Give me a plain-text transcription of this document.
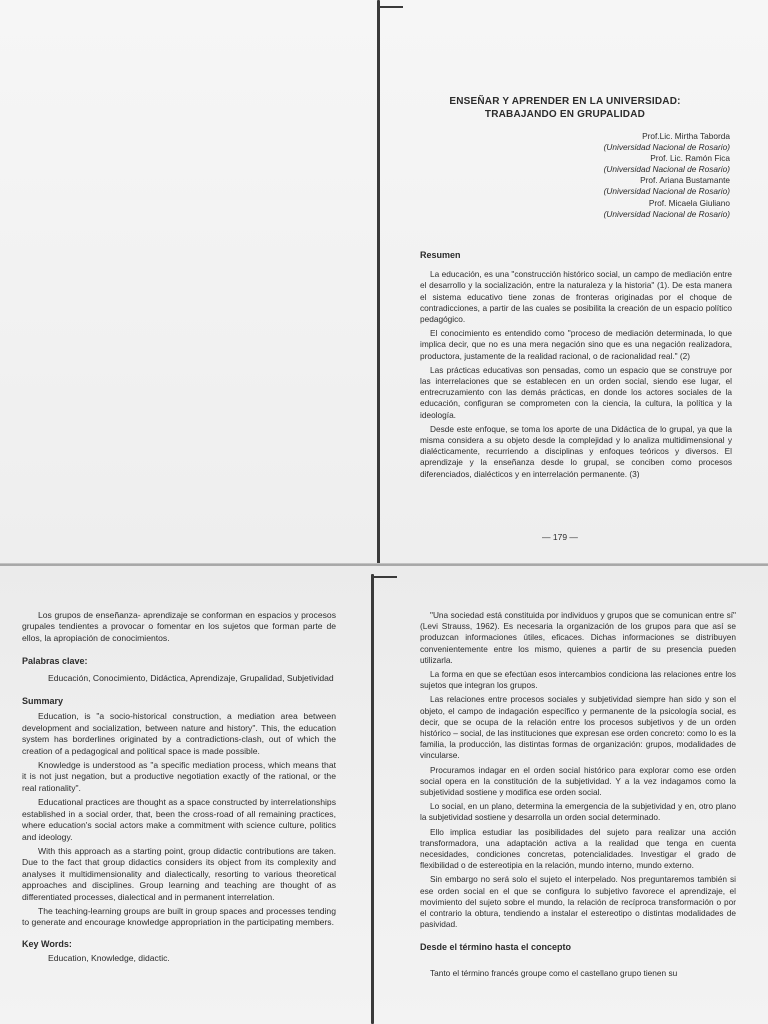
ENSEÑAR Y APRENDER EN LA UNIVERSIDAD:
TRABAJANDO EN GRUPALIDAD
Prof.Lic. Mirtha Taborda
(Universidad Nacional de Rosario)
Prof. Lic. Ramón Fica
(Universidad Nacional de Rosario)
Prof. Ariana Bustamante
(Universidad Nacional de Rosario)
Prof. Micaela Giuliano
(Universidad Nacional de Rosario)
Resumen

La educación, es una "construcción histórico social, un campo de mediación entre el desarrollo y la socialización, entre la naturaleza y la historia" (1). De esta manera el sistema educativo tiene zonas de fronteras originadas por el choque de contradicciones, a partir de las cuales se posibilita la creación de un espacio político pedagógico.

El conocimiento es entendido como "proceso de mediación determinada, lo que implica decir, que no es una mera negación sino que es una negación realizadora, productora, justamente de la realidad racional, o de racionalidad real." (2)

Las prácticas educativas son pensadas, como un espacio que se construye por las interrelaciones que se establecen en un orden social, siendo ese lugar, el entrecruzamiento con las demás prácticas, en donde los actores sociales de la educación, configuran se comprometen con la ciencia, la cultura, la política y la ideología.

Desde este enfoque, se toma los aporte de una Didáctica de lo grupal, ya que la misma considera a su objeto desde la complejidad y lo analiza multidimensional y dialécticamente, recurriendo a disciplinas y enfoques teóricos y diversos. El aprendizaje y la enseñanza desde lo grupal, se conciben como procesos diferenciados, dialécticos y en interrelación permanente. (3)

— 179 —

Los grupos de enseñanza- aprendizaje se conforman en espacios y procesos grupales tendientes a provocar o fomentar en los sujetos que forman parte de ellos, la apropiación de conocimientos.

Palabras clave:

Educación, Conocimiento, Didáctica, Aprendizaje, Grupalidad, Subjetividad

Summary

Education, is "a socio-historical construction, a mediation area between development and socialization, between nature and history". This, the education system has borderlines originated by a contradictions-clash, out of which the creation of a pedagogical and political space is made possible.

Knowledge is understood as "a specific mediation process, which means that it is not just negation, but a productive negotiation exactly of the rational, or the real rationality".

Educational practices are thought as a space constructed by interrelationships established in a social order, that, been the cross-road of all remaining practices, where education's social actors make a commitment with science culture, politics and ideology.

With this approach as a starting point, group didactic contributions are taken. Due to the fact that group didactics considers its object from its complexity and analyses it multidimensionality and dialectically, resorting to various theoretical approaches and disciplines. Group learning and teaching are thought of as differentiated processes, dialectical and in permanent interrelation.

The teaching-learning groups are built in group spaces and processes tending to generate and encourage knowledge appropriation in the participating members.

Key Words:

Education, Knowledge, didactic.

"Una sociedad está constituida por individuos y grupos que se comunican entre sí" (Levi Strauss, 1962). Es necesaria la organización de los grupos para que así se produzcan informaciones útiles, eficaces. Dichas informaciones se distribuyen convenientemente entre los mismo, quienes a partir de su presencia pueden utilizarla.

La forma en que se efectúan esos intercambios condiciona las relaciones entre los sujetos que integran los grupos.

Las relaciones entre procesos sociales y subjetividad siempre han sido y son el objeto, el campo de indagación específico y permanente de la psicología social, es decir, que se ocupa de la relación entre los procesos subjetivos y de un orden histórico – social, de las instituciones que expresan ese orden concreto: como lo es la familia, la producción, las distintas formas de organización: grupos, modalidades de vincularse.

Procuramos indagar en el orden social histórico para explorar como ese orden social opera en la constitución de la subjetividad. Y a la vez indagamos como la subjetividad sostiene y modifica ese orden social.

Lo social, en un plano, determina la emergencia de la subjetividad y en, otro plano la subjetividad sostiene y desarrolla un orden social determinado.

Ello implica estudiar las posibilidades del sujeto para realizar una acción transformadora, una adaptación activa a la realidad que tenga en cuenta necesidades, condiciones concretas, potencialidades. Investigar el grado de flexibilidad o de estereotipia en la relación, mundo interno, mundo externo.

Sin embargo no será solo el sujeto el interpelado. Nos preguntaremos también si ese orden social en el que se configura lo subjetivo favorece el aprendizaje, el movimiento del sujeto sobre el mundo, la relación de recíproca transformación o por el contrario la obtura, tendiendo a instalar el estereotipo o distintas modalidades de pasividad.

Desde el término hasta el concepto

Tanto el término francés groupe como el castellano grupo tienen su
